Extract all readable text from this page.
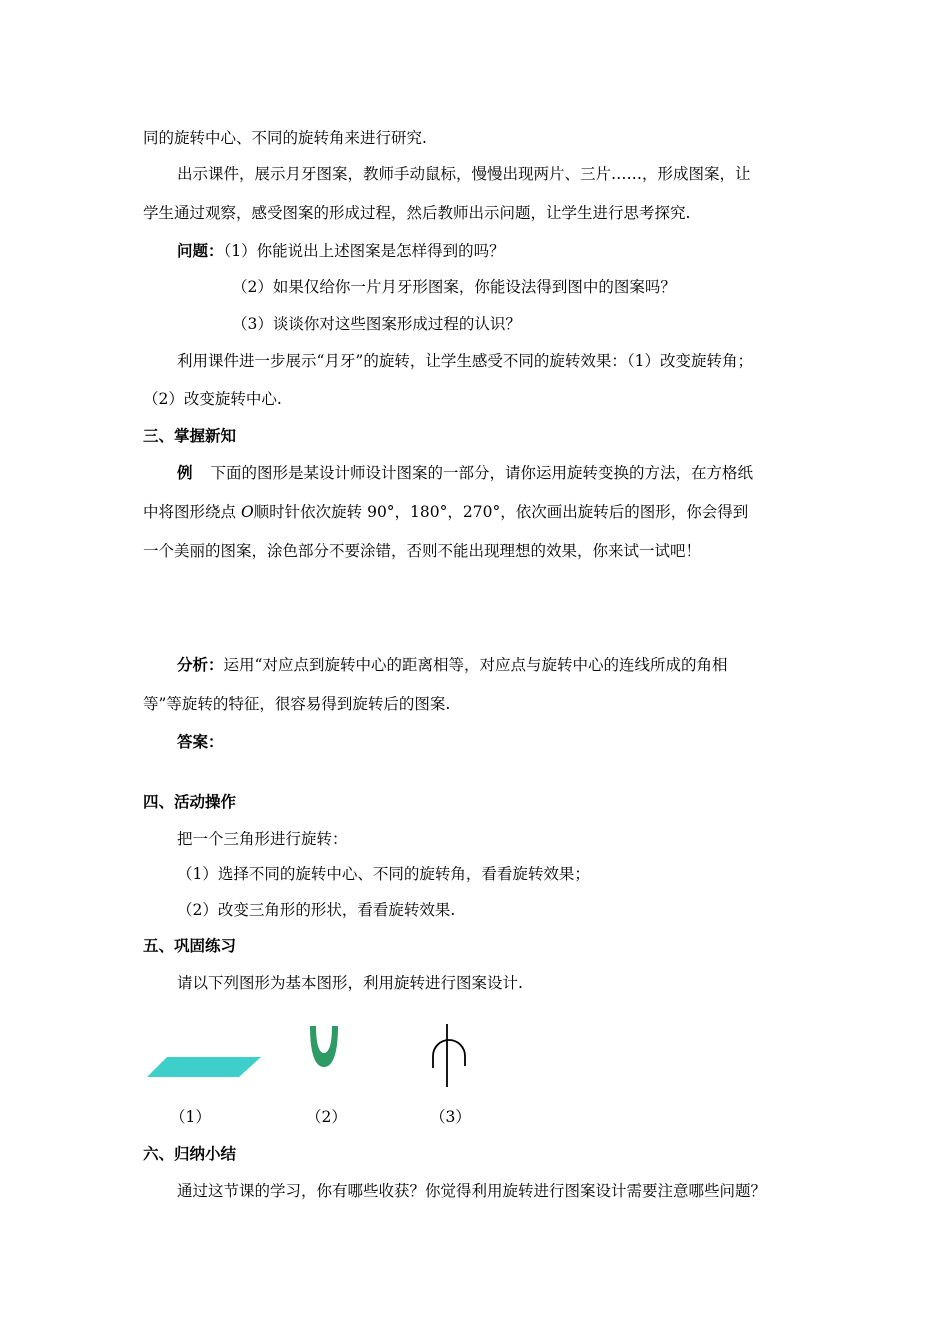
同的旋转中心、不同的旋转角来进行研究.
出示课件，展示月牙图案，教师手动鼠标，慢慢出现两片、三片……，形成图案，让
学生通过观察，感受图案的形成过程，然后教师出示问题，让学生进行思考探究.
问题：（1）你能说出上述图案是怎样得到的吗？
（2）如果仅给你一片月牙形图案，你能设法得到图中的图案吗？
（3）谈谈你对这些图案形成过程的认识？
利用课件进一步展示“月牙”的旋转，让学生感受不同的旋转效果：（1）改变旋转角；
（2）改变旋转中心.
三、掌握新知
例 下面的图形是某设计师设计图案的一部分，请你运用旋转变换的方法，在方格纸
中将图形绕点 O顺时针依次旋转 90°，180°，270°，依次画出旋转后的图形，你会得到
一个美丽的图案，涂色部分不要涂错，否则不能出现理想的效果，你来试一试吧！
分析：运用“对应点到旋转中心的距离相等，对应点与旋转中心的连线所成的角相
等”等旋转的特征，很容易得到旋转后的图案.
答案：
四、活动操作
把一个三角形进行旋转：
（1）选择不同的旋转中心、不同的旋转角，看看旋转效果；
（2）改变三角形的形状，看看旋转效果.
五、巩固练习
请以下列图形为基本图形，利用旋转进行图案设计.
（1）	（2）	（3）
六、归纳小结
通过这节课的学习，你有哪些收获？你觉得利用旋转进行图案设计需要注意哪些问题？
